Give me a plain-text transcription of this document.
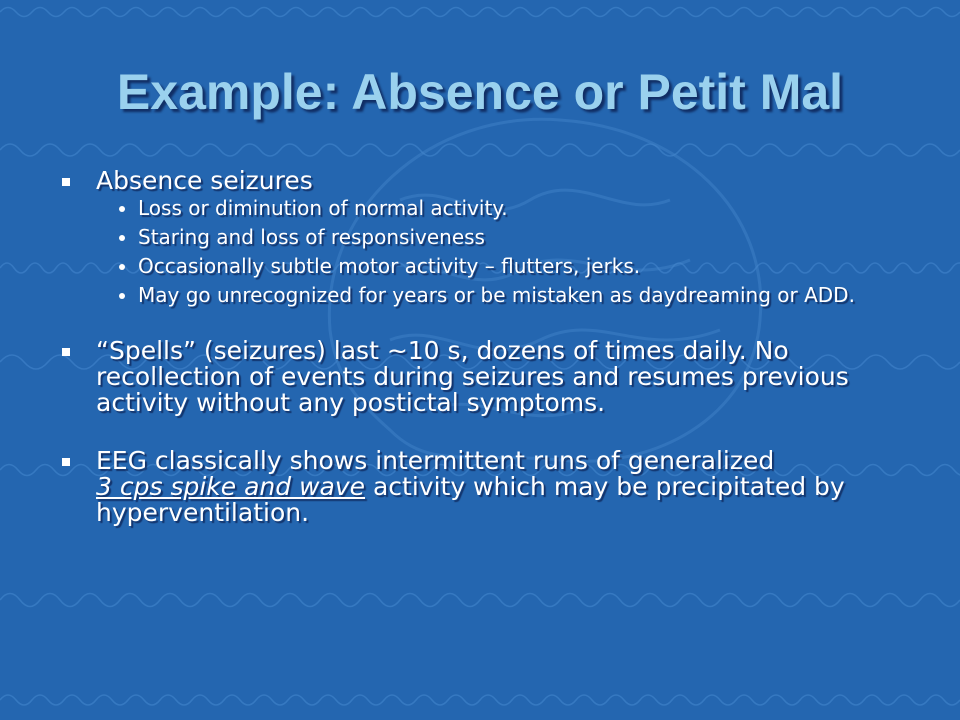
Example: Absence or Petit Mal
Absence seizures
Loss or diminution of normal activity.
Staring and loss of responsiveness
Occasionally subtle motor activity – flutters, jerks.
May go unrecognized for years or be mistaken as daydreaming or ADD.
“Spells” (seizures) last ~10 s, dozens of times daily. No recollection of events during seizures and resumes previous activity without any postictal symptoms.
EEG classically shows intermittent runs of generalized
3 cps spike and wave activity which may be precipitated by hyperventilation.
